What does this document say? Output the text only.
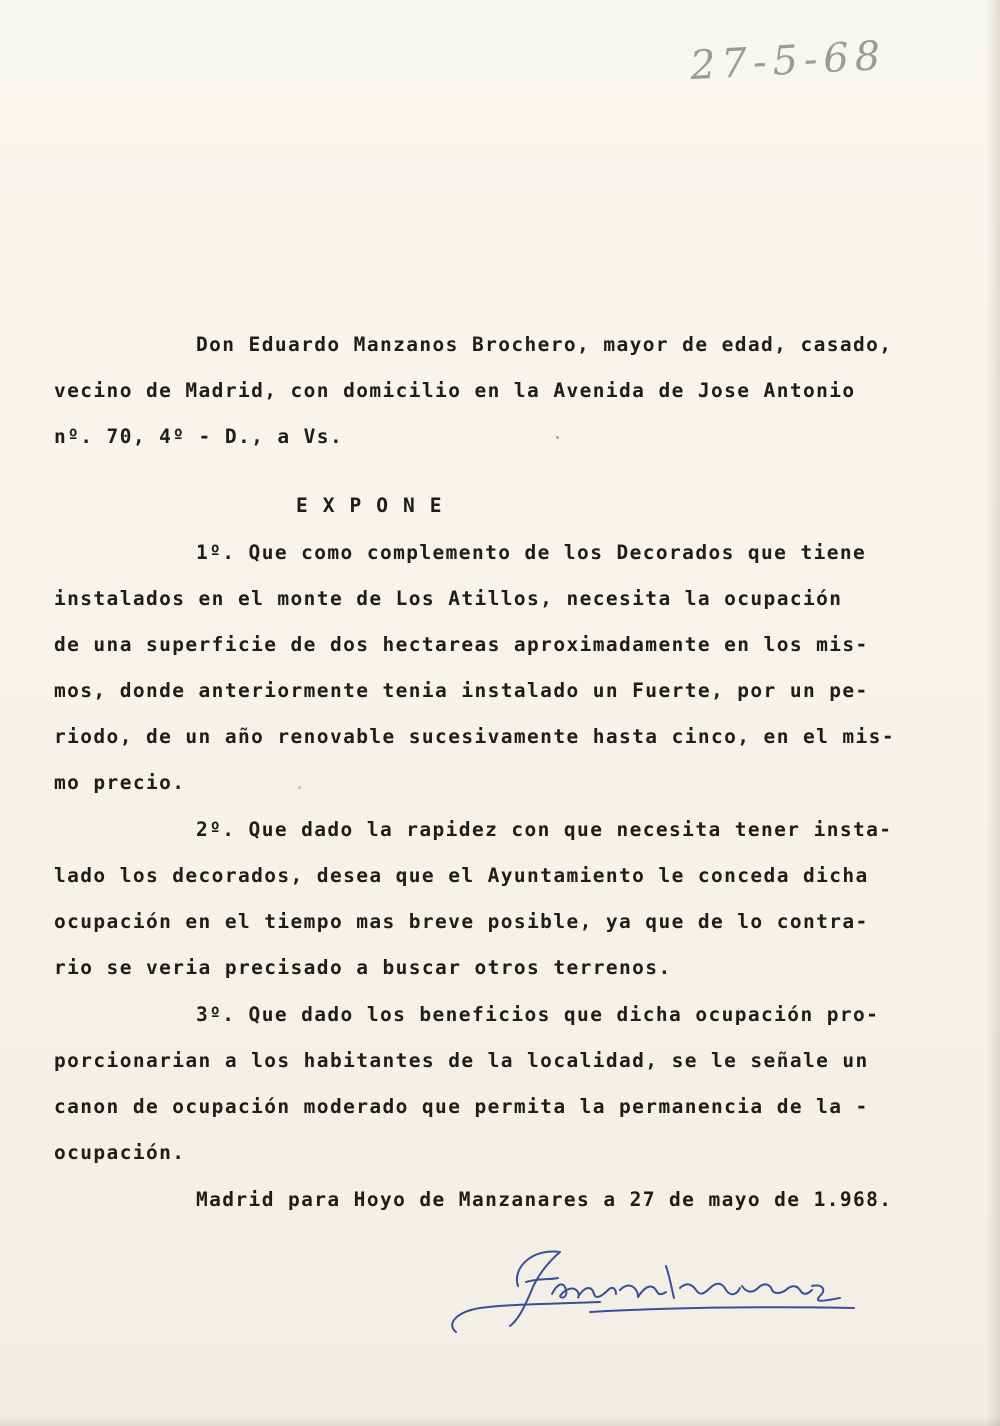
27-5-68
Don Eduardo Manzanos Brochero, mayor de edad, casado,
vecino de Madrid, con domicilio en la Avenida de Jose Antonio
nº. 70, 4º - D., a Vs.
EXPONE
1º. Que como complemento de los Decorados que tiene
instalados en el monte de Los Atillos, necesita la ocupación
de una superficie de dos hectareas aproximadamente en los mis-
mos, donde anteriormente tenia instalado un Fuerte, por un pe-
riodo, de un año renovable sucesivamente hasta cinco, en el mis-
mo precio.
2º. Que dado la rapidez con que necesita tener insta-
lado los decorados, desea que el Ayuntamiento le conceda dicha
ocupación en el tiempo mas breve posible, ya que de lo contra-
rio se veria precisado a buscar otros terrenos.
3º. Que dado los beneficios que dicha ocupación pro-
porcionarian a los habitantes de la localidad, se le señale un
canon de ocupación moderado que permita la permanencia de la -
ocupación.
Madrid para Hoyo de Manzanares a 27 de mayo de 1.968.
